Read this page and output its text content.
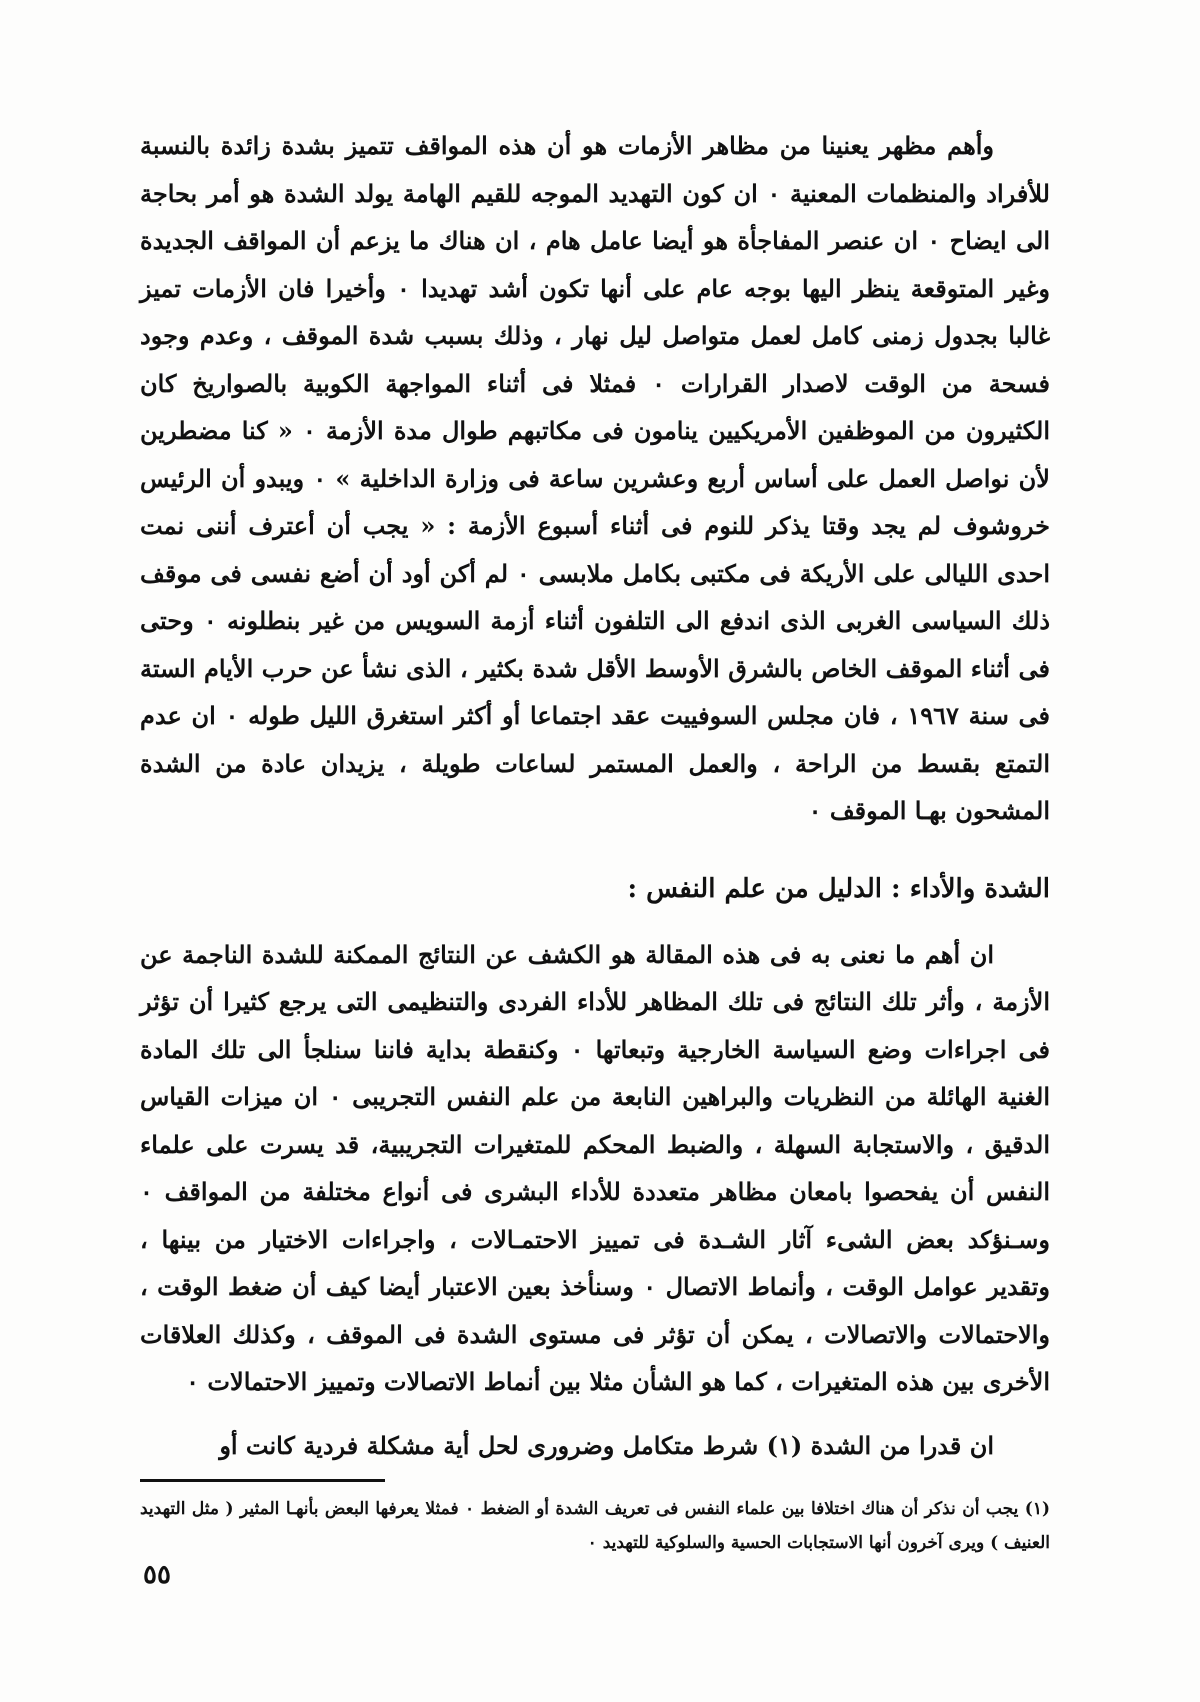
وأهم مظهر يعنينا من مظاهر الأزمات هو أن هذه المواقف تتميز بشدة زائدة بالنسبة للأفراد والمنظمات المعنية ٠ ان كون التهديد الموجه للقيم الهامة يولد الشدة هو أمر بحاجة الى ايضاح ٠ ان عنصر المفاجأة هو أيضا عامل هام ، ان هناك ما يزعم أن المواقف الجديدة وغير المتوقعة ينظر اليها بوجه عام على أنها تكون أشد تهديدا ٠ وأخيرا فان الأزمات تميز غالبا بجدول زمنى كامل لعمل متواصل ليل نهار ، وذلك بسبب شدة الموقف ، وعدم وجود فسحة من الوقت لاصدار القرارات ٠ فمثلا فى أثناء المواجهة الكوبية بالصواريخ كان الكثيرون من الموظفين الأمريكيين ينامون فى مكاتبهم طوال مدة الأزمة ٠ « كنا مضطرين لأن نواصل العمل على أساس أربع وعشرين ساعة فى وزارة الداخلية » ٠ ويبدو أن الرئيس خروشوف لم يجد وقتا يذكر للنوم فى أثناء أسبوع الأزمة : « يجب أن أعترف أننى نمت احدى الليالى على الأريكة فى مكتبى بكامل ملابسى ٠ لم أكن أود أن أضع نفسى فى موقف ذلك السياسى الغربى الذى اندفع الى التلفون أثناء أزمة السويس من غير بنطلونه ٠ وحتى فى أثناء الموقف الخاص بالشرق الأوسط الأقل شدة بكثير ، الذى نشأ عن حرب الأيام الستة فى سنة ١٩٦٧ ، فان مجلس السوفييت عقد اجتماعا أو أكثر استغرق الليل طوله ٠ ان عدم التمتع بقسط من الراحة ، والعمل المستمر لساعات طويلة ، يزيدان عادة من الشدة المشحون بهـا الموقف ٠

الشدة والأداء : الدليل من علم النفس :

ان أهم ما نعنى به فى هذه المقالة هو الكشف عن النتائج الممكنة للشدة الناجمة عن الأزمة ، وأثر تلك النتائج فى تلك المظاهر للأداء الفردى والتنظيمى التى يرجع كثيرا أن تؤثر فى اجراءات وضع السياسة الخارجية وتبعاتها ٠ وكنقطة بداية فاننا سنلجأ الى تلك المادة الغنية الهائلة من النظريات والبراهين النابعة من علم النفس التجريبى ٠ ان ميزات القياس الدقيق ، والاستجابة السهلة ، والضبط المحكم للمتغيرات التجريبية، قد يسرت على علماء النفس أن يفحصوا بامعان مظاهر متعددة للأداء البشرى فى أنواع مختلفة من المواقف ٠ وسـنؤكد بعض الشىء آثار الشـدة فى تمييز الاحتمـالات ، واجراءات الاختيار من بينها ، وتقدير عوامل الوقت ، وأنماط الاتصال ٠ وسنأخذ بعين الاعتبار أيضا كيف أن ضغط الوقت ، والاحتمالات والاتصالات ، يمكن أن تؤثر فى مستوى الشدة فى الموقف ، وكذلك العلاقات الأخرى بين هذه المتغيرات ، كما هو الشأن مثلا بين أنماط الاتصالات وتمييز الاحتمالات ٠

ان قدرا من الشدة (١) شرط متكامل وضرورى لحل أية مشكلة فردية كانت أو

(١) يجب أن نذكر أن هناك اختلافا بين علماء النفس فى تعريف الشدة أو الضغط ٠ فمثلا يعرفها البعض بأنهـا المثير ( مثل التهديد العنيف ) ويرى آخرون أنها الاستجابات الحسية والسلوكية للتهديد ٠

٥٥
